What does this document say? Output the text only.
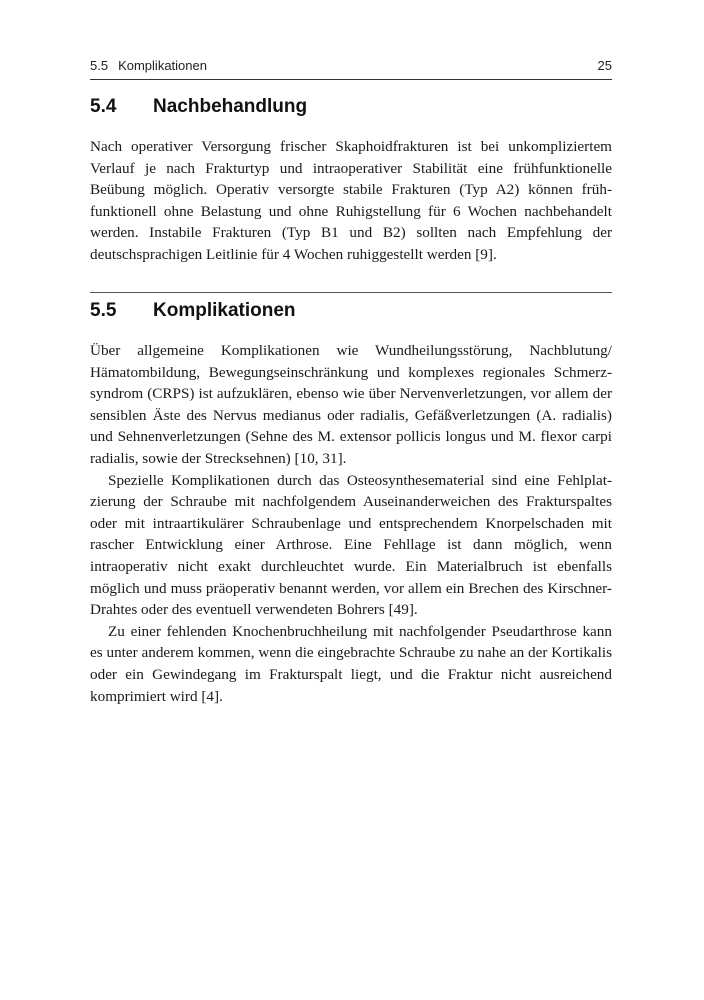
5.5 Komplikationen	25
5.4 Nachbehandlung

Nach operativer Versorgung frischer Skaphoidfrakturen ist bei unkompliziertem Verlauf je nach Frakturtyp und intraoperativer Stabilität eine frühfunktionelle Beübung möglich. Operativ versorgte stabile Frakturen (Typ A2) können frühfunktionell ohne Belastung und ohne Ruhigstellung für 6 Wochen nachbehandelt werden. Instabile Frakturen (Typ B1 und B2) sollten nach Empfehlung der deutschsprachigen Leitlinie für 4 Wochen ruhiggestellt werden [9].

5.5 Komplikationen

Über allgemeine Komplikationen wie Wundheilungsstörung, Nachblutung/ Hämatombildung, Bewegungseinschränkung und komplexes regionales Schmerzsyndrom (CRPS) ist aufzuklären, ebenso wie über Nervenverletzungen, vor allem der sensiblen Äste des Nervus medianus oder radialis, Gefäßverletzungen (A. radialis) und Sehnenverletzungen (Sehne des M. extensor pollicis longus und M. flexor carpi radialis, sowie der Strecksehnen) [10, 31].

Spezielle Komplikationen durch das Osteosynthesematerial sind eine Fehlplatzierung der Schraube mit nachfolgendem Auseinanderweichen des Frakturspaltes oder mit intraartikulärer Schraubenlage und entsprechendem Knorpelschaden mit rascher Entwicklung einer Arthrose. Eine Fehllage ist dann möglich, wenn intraoperativ nicht exakt durchleuchtet wurde. Ein Materialbruch ist ebenfalls möglich und muss präoperativ benannt werden, vor allem ein Brechen des Kirschner-Drahtes oder des eventuell verwendeten Bohrers [49].

Zu einer fehlenden Knochenbruchheilung mit nachfolgender Pseudarthrose kann es unter anderem kommen, wenn die eingebrachte Schraube zu nahe an der Kortikalis oder ein Gewindegang im Frakturspalt liegt, und die Fraktur nicht ausreichend komprimiert wird [4].
